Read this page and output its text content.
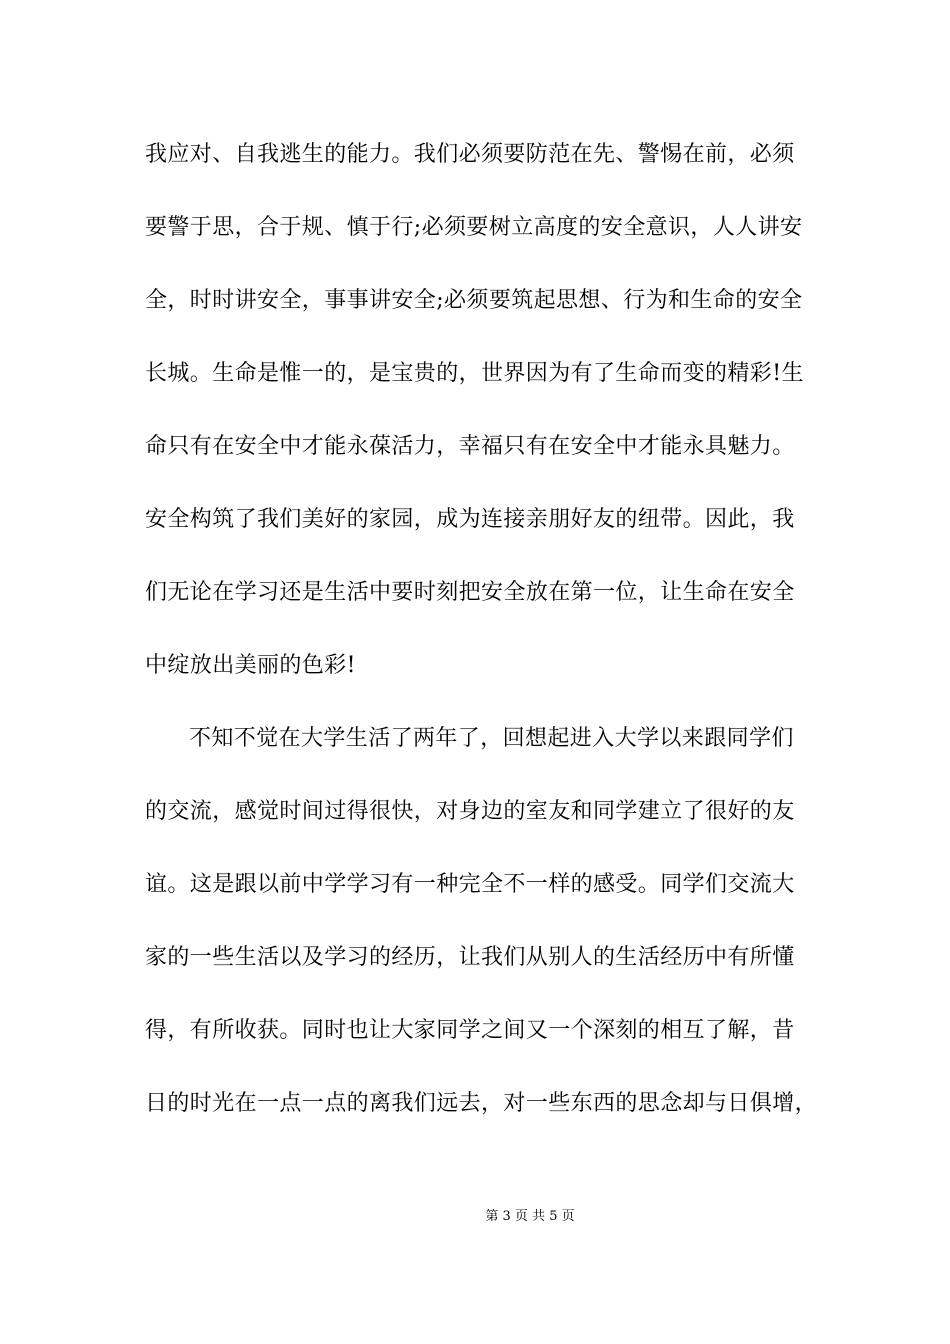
我应对、自我逃生的能力。我们必须要防范在先、警惕在前，必须
要警于思，合于规、慎于行;必须要树立高度的安全意识，人人讲安
全，时时讲安全，事事讲安全;必须要筑起思想、行为和生命的安全
长城。生命是惟一的，是宝贵的，世界因为有了生命而变的精彩!生
命只有在安全中才能永葆活力，幸福只有在安全中才能永具魅力。
安全构筑了我们美好的家园，成为连接亲朋好友的纽带。因此，我
们无论在学习还是生活中要时刻把安全放在第一位，让生命在安全
中绽放出美丽的色彩!
不知不觉在大学生活了两年了，回想起进入大学以来跟同学们
的交流，感觉时间过得很快，对身边的室友和同学建立了很好的友
谊。这是跟以前中学学习有一种完全不一样的感受。同学们交流大
家的一些生活以及学习的经历，让我们从别人的生活经历中有所懂
得，有所收获。同时也让大家同学之间又一个深刻的相互了解，昔
日的时光在一点一点的离我们远去，对一些东西的思念却与日俱增，
第 3 页 共 5 页
